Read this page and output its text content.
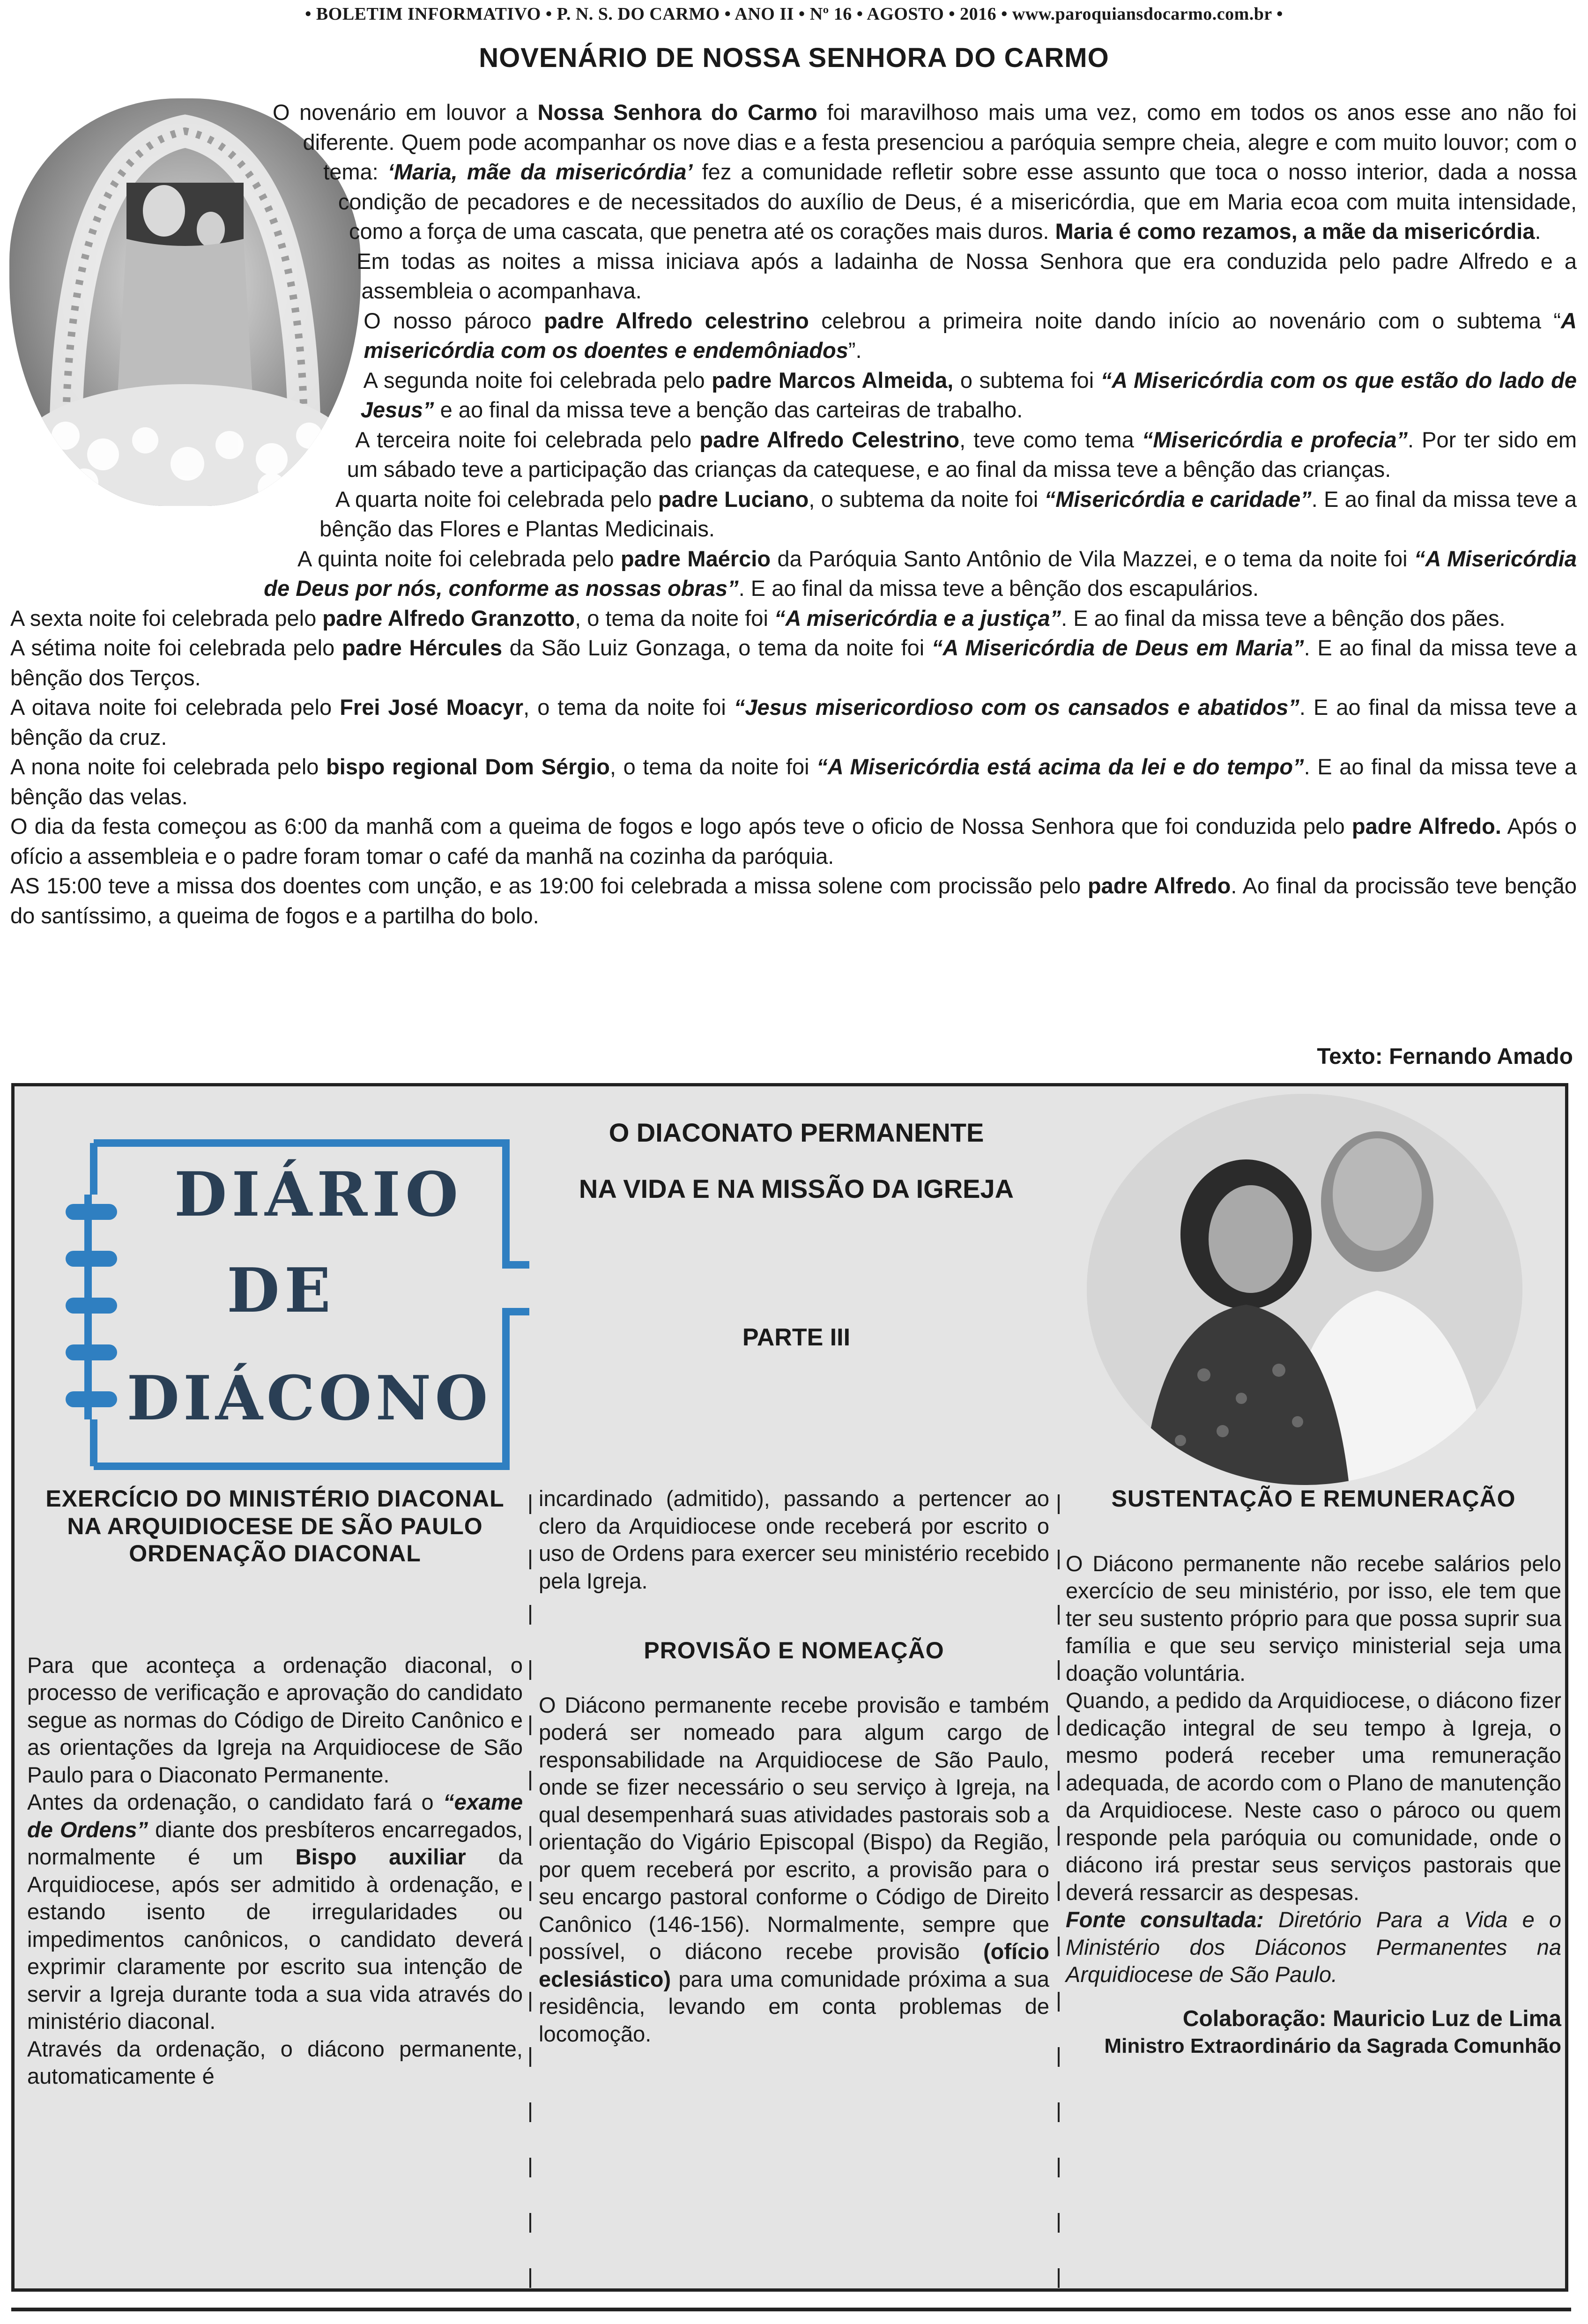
• BOLETIM INFORMATIVO • P. N. S. DO CARMO • ANO II • Nº 16 • AGOSTO • 2016 • www.paroquiansdocarmo.com.br •
NOVENÁRIO DE NOSSA SENHORA DO CARMO

O novenário em louvor a Nossa Senhora do Carmo foi maravilhoso mais uma vez, como em todos os anos esse ano não foi diferente. Quem pode acompanhar os nove dias e a festa presenciou a paróquia sempre cheia, alegre e com muito louvor; com o tema: ‘Maria, mãe da misericórdia’ fez a comunidade refletir sobre esse assunto que toca o nosso interior, dada a nossa condição de pecadores e de necessitados do auxílio de Deus, é a misericórdia, que em Maria ecoa com muita intensidade, como a força de uma cascata, que penetra até os corações mais duros. Maria é como rezamos, a mãe da misericórdia.

Em todas as noites a missa iniciava após a ladainha de Nossa Senhora que era conduzida pelo padre Alfredo e a assembleia o acompanhava.

O nosso pároco padre Alfredo celestrino celebrou a primeira noite dando início ao novenário com o subtema “A misericórdia com os doentes e endemôniados”.

A segunda noite foi celebrada pelo padre Marcos Almeida, o subtema foi “A Misericórdia com os que estão do lado de Jesus” e ao final da missa teve a benção das carteiras de trabalho.

A terceira noite foi celebrada pelo padre Alfredo Celestrino, teve como tema “Misericórdia e profecia”. Por ter sido em um sábado teve a participação das crianças da catequese, e ao final da missa teve a bênção das crianças.

A quarta noite foi celebrada pelo padre Luciano, o subtema da noite foi “Misericórdia e caridade”. E ao final da missa teve a bênção das Flores e Plantas Medicinais.

A quinta noite foi celebrada pelo padre Maércio da Paróquia Santo Antônio de Vila Mazzei, e o tema da noite foi “A Misericórdia de Deus por nós, conforme as nossas obras”. E ao final da missa teve a bênção dos escapulários.

A sexta noite foi celebrada pelo padre Alfredo Granzotto, o tema da noite foi “A misericórdia e a justiça”. E ao final da missa teve a bênção dos pães.

A sétima noite foi celebrada pelo padre Hércules da São Luiz Gonzaga, o tema da noite foi “A Misericórdia de Deus em Maria”. E ao final da missa teve a bênção dos Terços.

A oitava noite foi celebrada pelo Frei José Moacyr, o tema da noite foi “Jesus misericordioso com os cansados e abatidos”. E ao final da missa teve a bênção da cruz.

A nona noite foi celebrada pelo bispo regional Dom Sérgio, o tema da noite foi “A Misericórdia está acima da lei e do tempo”. E ao final da missa teve a bênção das velas.

O dia da festa começou as 6:00 da manhã com a queima de fogos e logo após teve o oficio de Nossa Senhora que foi conduzida pelo padre Alfredo. Após o ofício a assembleia e o padre foram tomar o café da manhã na cozinha da paróquia.

AS 15:00 teve a missa dos doentes com unção, e as 19:00 foi celebrada a missa solene com procissão pelo padre Alfredo. Ao final da procissão teve benção do santíssimo, a queima de fogos e a partilha do bolo.

Texto: Fernando Amado
DIÁRIO
DE
DIÁCONO
O DIACONATO PERMANENTE
NA VIDA E NA MISSÃO DA IGREJA
PARTE III
EXERCÍCIO DO MINISTÉRIO DIACONAL
NA ARQUIDIOCESE DE SÃO PAULO
ORDENAÇÃO DIACONAL

Para que aconteça a ordenação diaconal, o processo de verificação e aprovação do candidato segue as normas do Código de Direito Canônico e as orientações da Igreja na Arquidiocese de São Paulo para o Diaconato Permanente.

Antes da ordenação, o candidato fará o “exame de Ordens” diante dos presbíteros encarregados, normalmente é um Bispo auxiliar da Arquidiocese, após ser admitido à ordenação, e estando isento de irregularidades ou impedimentos canônicos, o candidato deverá exprimir claramente por escrito sua intenção de servir a Igreja durante toda a sua vida através do ministério diaconal.

Através da ordenação, o diácono permanente, automaticamente é

incardinado (admitido), passando a pertencer ao clero da Arquidiocese onde receberá por escrito o uso de Ordens para exercer seu ministério recebido pela Igreja.

PROVISÃO E NOMEAÇÃO

O Diácono permanente recebe provisão e também poderá ser nomeado para algum cargo de responsabilidade na Arquidiocese de São Paulo, onde se fizer necessário o seu serviço à Igreja, na qual desempenhará suas atividades pastorais sob a orientação do Vigário Episcopal (Bispo) da Região, por quem receberá por escrito, a provisão para o seu encargo pastoral conforme o Código de Direito Canônico (146-156). Normalmente, sempre que possível, o diácono recebe provisão (ofício eclesiástico) para uma comunidade próxima a sua residência, levando em conta problemas de locomoção.

SUSTENTAÇÃO E REMUNERAÇÃO

O Diácono permanente não recebe salários pelo exercício de seu ministério, por isso, ele tem que ter seu sustento próprio para que possa suprir sua família e que seu serviço ministerial seja uma doação voluntária.

Quando, a pedido da Arquidiocese, o diácono fizer dedicação integral de seu tempo à Igreja, o mesmo poderá receber uma remuneração adequada, de acordo com o Plano de manutenção da Arquidiocese. Neste caso o pároco ou quem responde pela paróquia ou comunidade, onde o diácono irá prestar seus serviços pastorais que deverá ressarcir as despesas.

Fonte consultada: Diretório Para a Vida e o Ministério dos Diáconos Permanentes na Arquidiocese de São Paulo.

Colaboração: Mauricio Luz de Lima
Ministro Extraordinário da Sagrada Comunhão
